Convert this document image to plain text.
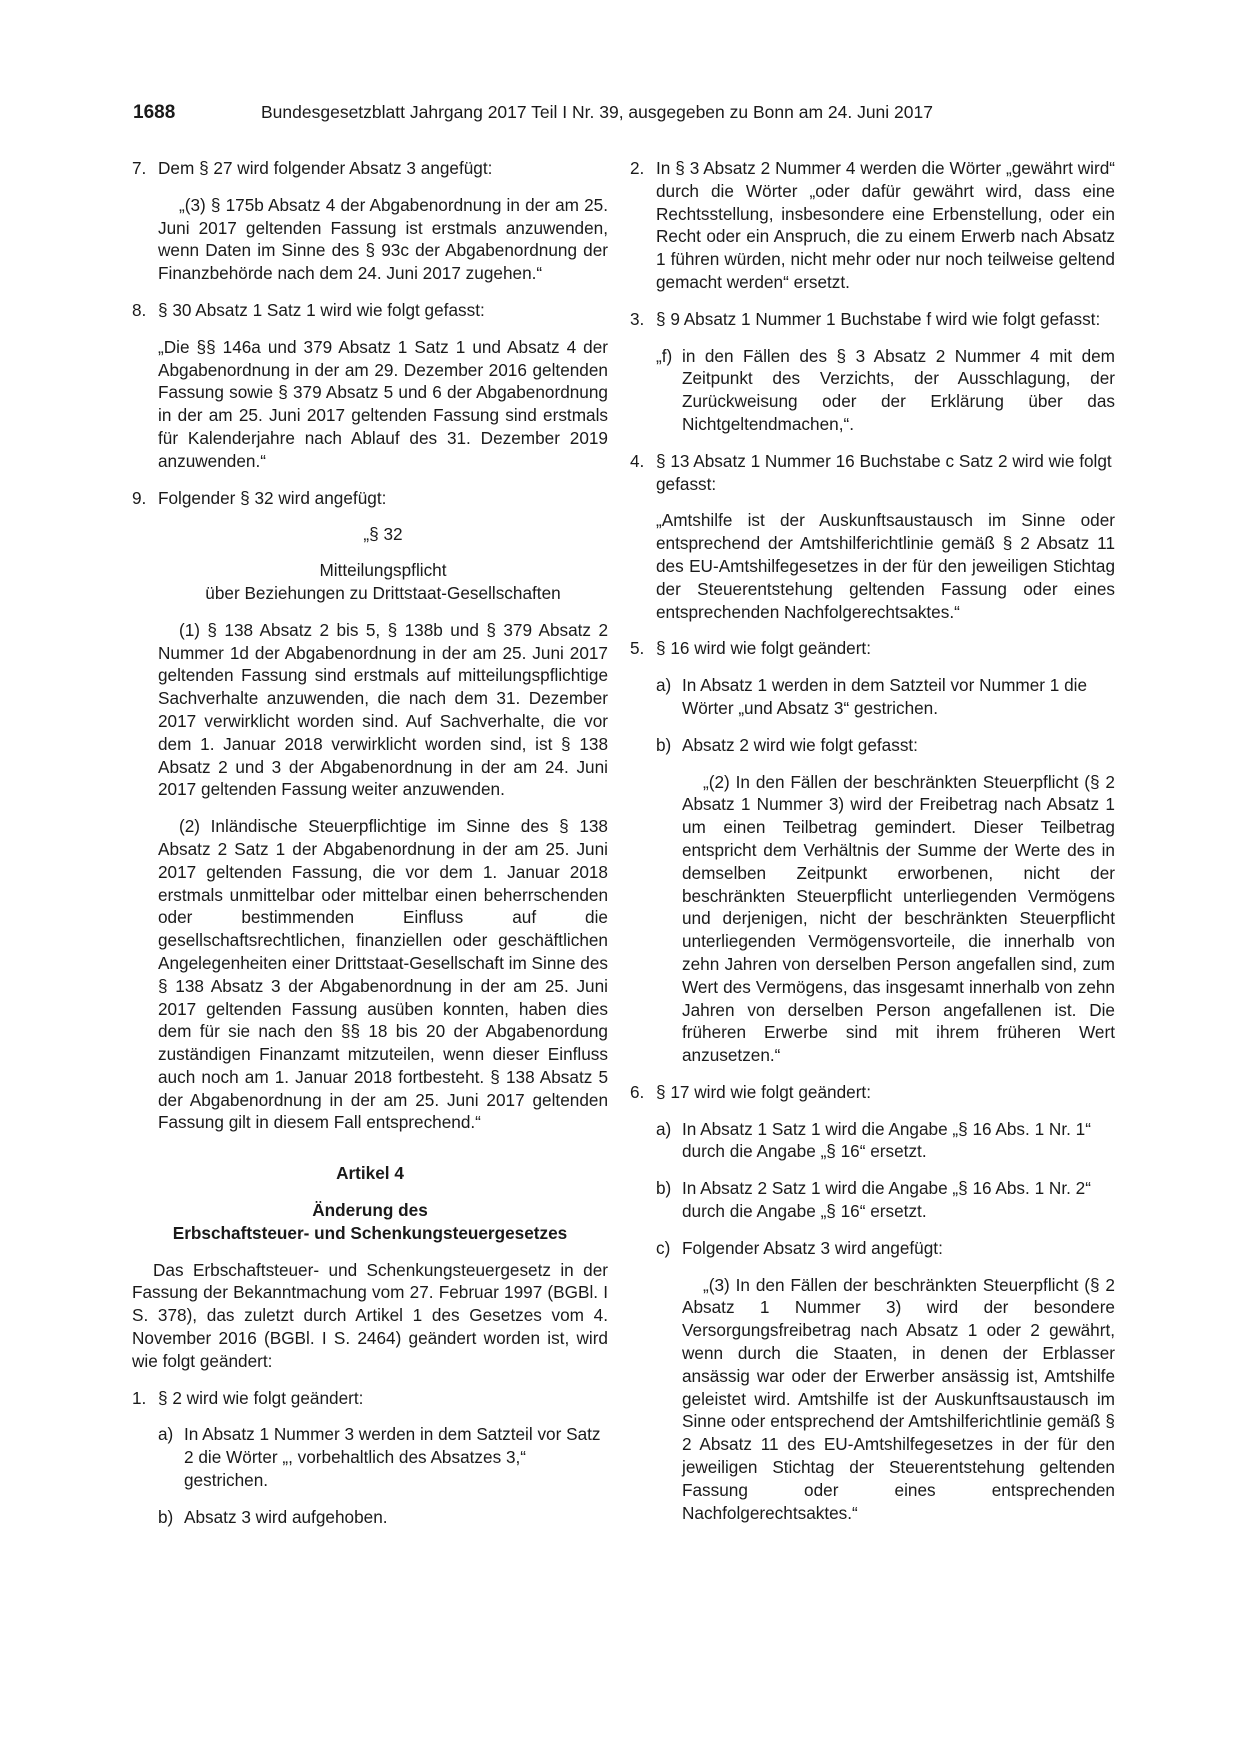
1688	Bundesgesetzblatt Jahrgang 2017 Teil I Nr. 39, ausgegeben zu Bonn am 24. Juni 2017
7. Dem § 27 wird folgender Absatz 3 angefügt:

„(3) § 175b Absatz 4 der Abgabenordnung in der am 25. Juni 2017 geltenden Fassung ist erstmals anzuwenden, wenn Daten im Sinne des § 93c der Abgabenordnung der Finanzbehörde nach dem 24. Juni 2017 zugehen.“

8. § 30 Absatz 1 Satz 1 wird wie folgt gefasst:

„Die §§ 146a und 379 Absatz 1 Satz 1 und Absatz 4 der Abgabenordnung in der am 29. Dezember 2016 geltenden Fassung sowie § 379 Absatz 5 und 6 der Abgabenordnung in der am 25. Juni 2017 geltenden Fassung sind erstmals für Kalenderjahre nach Ablauf des 31. Dezember 2019 anzuwenden.“

9. Folgender § 32 wird angefügt:

„§ 32

Mitteilungspflicht
über Beziehungen zu Drittstaat-Gesellschaften

(1) § 138 Absatz 2 bis 5, § 138b und § 379 Absatz 2 Nummer 1d der Abgabenordnung in der am 25. Juni 2017 geltenden Fassung sind erstmals auf mitteilungspflichtige Sachverhalte anzuwenden, die nach dem 31. Dezember 2017 verwirklicht worden sind. Auf Sachverhalte, die vor dem 1. Januar 2018 verwirklicht worden sind, ist § 138 Absatz 2 und 3 der Abgabenordnung in der am 24. Juni 2017 geltenden Fassung weiter anzuwenden.

(2) Inländische Steuerpflichtige im Sinne des § 138 Absatz 2 Satz 1 der Abgabenordnung in der am 25. Juni 2017 geltenden Fassung, die vor dem 1. Januar 2018 erstmals unmittelbar oder mittelbar einen beherrschenden oder bestimmenden Einfluss auf die gesellschaftsrechtlichen, finanziellen oder geschäftlichen Angelegenheiten einer Drittstaat-Gesellschaft im Sinne des § 138 Absatz 3 der Abgabenordnung in der am 25. Juni 2017 geltenden Fassung ausüben konnten, haben dies dem für sie nach den §§ 18 bis 20 der Abgabenordung zuständigen Finanzamt mitzuteilen, wenn dieser Einfluss auch noch am 1. Januar 2018 fortbesteht. § 138 Absatz 5 der Abgabenordnung in der am 25. Juni 2017 geltenden Fassung gilt in diesem Fall entsprechend.“

Artikel 4

Änderung des
Erbschaftsteuer- und Schenkungsteuergesetzes

Das Erbschaftsteuer- und Schenkungsteuergesetz in der Fassung der Bekanntmachung vom 27. Februar 1997 (BGBl. I S. 378), das zuletzt durch Artikel 1 des Gesetzes vom 4. November 2016 (BGBl. I S. 2464) geändert worden ist, wird wie folgt geändert:

1. § 2 wird wie folgt geändert:

a) In Absatz 1 Nummer 3 werden in dem Satzteil vor Satz 2 die Wörter „, vorbehaltlich des Absatzes 3,“ gestrichen.

b) Absatz 3 wird aufgehoben.

2. In § 3 Absatz 2 Nummer 4 werden die Wörter „gewährt wird“ durch die Wörter „oder dafür gewährt wird, dass eine Rechtsstellung, insbesondere eine Erbenstellung, oder ein Recht oder ein Anspruch, die zu einem Erwerb nach Absatz 1 führen würden, nicht mehr oder nur noch teilweise geltend gemacht werden“ ersetzt.

3. § 9 Absatz 1 Nummer 1 Buchstabe f wird wie folgt gefasst:

„f) in den Fällen des § 3 Absatz 2 Nummer 4 mit dem Zeitpunkt des Verzichts, der Ausschlagung, der Zurückweisung oder der Erklärung über das Nichtgeltendmachen,“.

4. § 13 Absatz 1 Nummer 16 Buchstabe c Satz 2 wird wie folgt gefasst:

„Amtshilfe ist der Auskunftsaustausch im Sinne oder entsprechend der Amtshilferichtlinie gemäß § 2 Absatz 11 des EU-Amtshilfegesetzes in der für den jeweiligen Stichtag der Steuerentstehung geltenden Fassung oder eines entsprechenden Nachfolgerechtsaktes.“

5. § 16 wird wie folgt geändert:

a) In Absatz 1 werden in dem Satzteil vor Nummer 1 die Wörter „und Absatz 3“ gestrichen.

b) Absatz 2 wird wie folgt gefasst:

„(2) In den Fällen der beschränkten Steuerpflicht (§ 2 Absatz 1 Nummer 3) wird der Freibetrag nach Absatz 1 um einen Teilbetrag gemindert. Dieser Teilbetrag entspricht dem Verhältnis der Summe der Werte des in demselben Zeitpunkt erworbenen, nicht der beschränkten Steuerpflicht unterliegenden Vermögens und derjenigen, nicht der beschränkten Steuerpflicht unterliegenden Vermögensvorteile, die innerhalb von zehn Jahren von derselben Person angefallen sind, zum Wert des Vermögens, das insgesamt innerhalb von zehn Jahren von derselben Person angefallenen ist. Die früheren Erwerbe sind mit ihrem früheren Wert anzusetzen.“

6. § 17 wird wie folgt geändert:

a) In Absatz 1 Satz 1 wird die Angabe „§ 16 Abs. 1 Nr. 1“ durch die Angabe „§ 16“ ersetzt.

b) In Absatz 2 Satz 1 wird die Angabe „§ 16 Abs. 1 Nr. 2“ durch die Angabe „§ 16“ ersetzt.

c) Folgender Absatz 3 wird angefügt:

„(3) In den Fällen der beschränkten Steuerpflicht (§ 2 Absatz 1 Nummer 3) wird der besondere Versorgungsfreibetrag nach Absatz 1 oder 2 gewährt, wenn durch die Staaten, in denen der Erblasser ansässig war oder der Erwerber ansässig ist, Amtshilfe geleistet wird. Amtshilfe ist der Auskunftsaustausch im Sinne oder entsprechend der Amtshilferichtlinie gemäß § 2 Absatz 11 des EU-Amtshilfegesetzes in der für den jeweiligen Stichtag der Steuerentstehung geltenden Fassung oder eines entsprechenden Nachfolgerechtsaktes.“
